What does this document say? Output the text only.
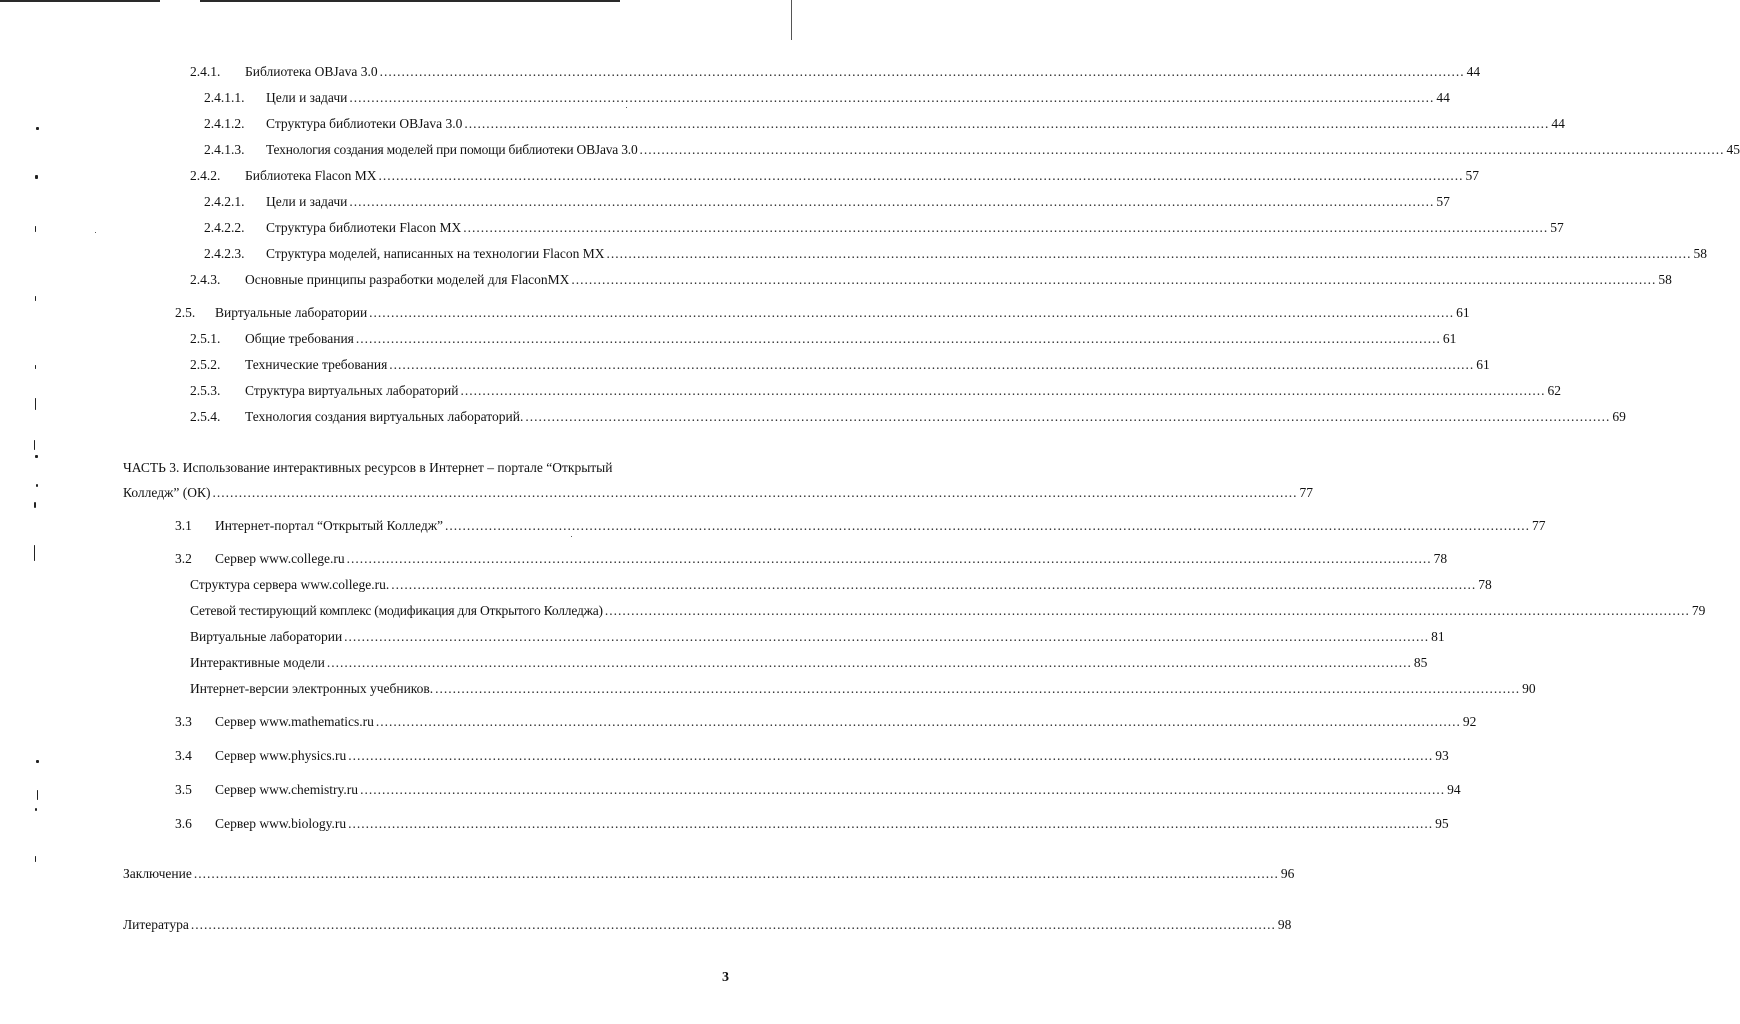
2.4.1.	Библиотека OBJava 3.0 .....	44
2.4.1.1.	Цели и задачи .....	44
2.4.1.2.	Структура библиотеки OBJava 3.0 .....	44
2.4.1.3.	Технология создания моделей при помощи библиотеки OBJava 3.0 .....	45
2.4.2.	Библиотека Flacon MX .....	57
2.4.2.1.	Цели и задачи .....	57
2.4.2.2.	Структура библиотеки Flacon MX .....	57
2.4.2.3.	Структура моделей, написанных на технологии Flacon MX .....	58
2.4.3.	Основные принципы разработки моделей для FlaconMX .....	58
2.5.	Виртуальные лаборатории .....	61
2.5.1.	Общие требования .....	61
2.5.2.	Технические требования .....	61
2.5.3.	Структура виртуальных лабораторий .....	62
2.5.4.	Технология создания виртуальных лабораторий. .....	69
ЧАСТЬ 3. Использование интерактивных ресурсов в Интернет – портале “Открытый
Колледж” (ОК) .....	77
3.1	Интернет-портал “Открытый Колледж” .....	77
3.2	Сервер www.college.ru .....	78
Структура сервера www.college.ru. .....	78
Сетевой тестирующий комплекс (модификация для Открытого Колледжа) .....	79
Виртуальные лаборатории .....	81
Интерактивные модели .....	85
Интернет-версии электронных учебников. .....	90
3.3	Сервер www.mathematics.ru .....	92
3.4	Сервер www.physics.ru .....	93
3.5	Сервер www.chemistry.ru .....	94
3.6	Сервер www.biology.ru .....	95
Заключение .....	96
Литература .....	98
3
